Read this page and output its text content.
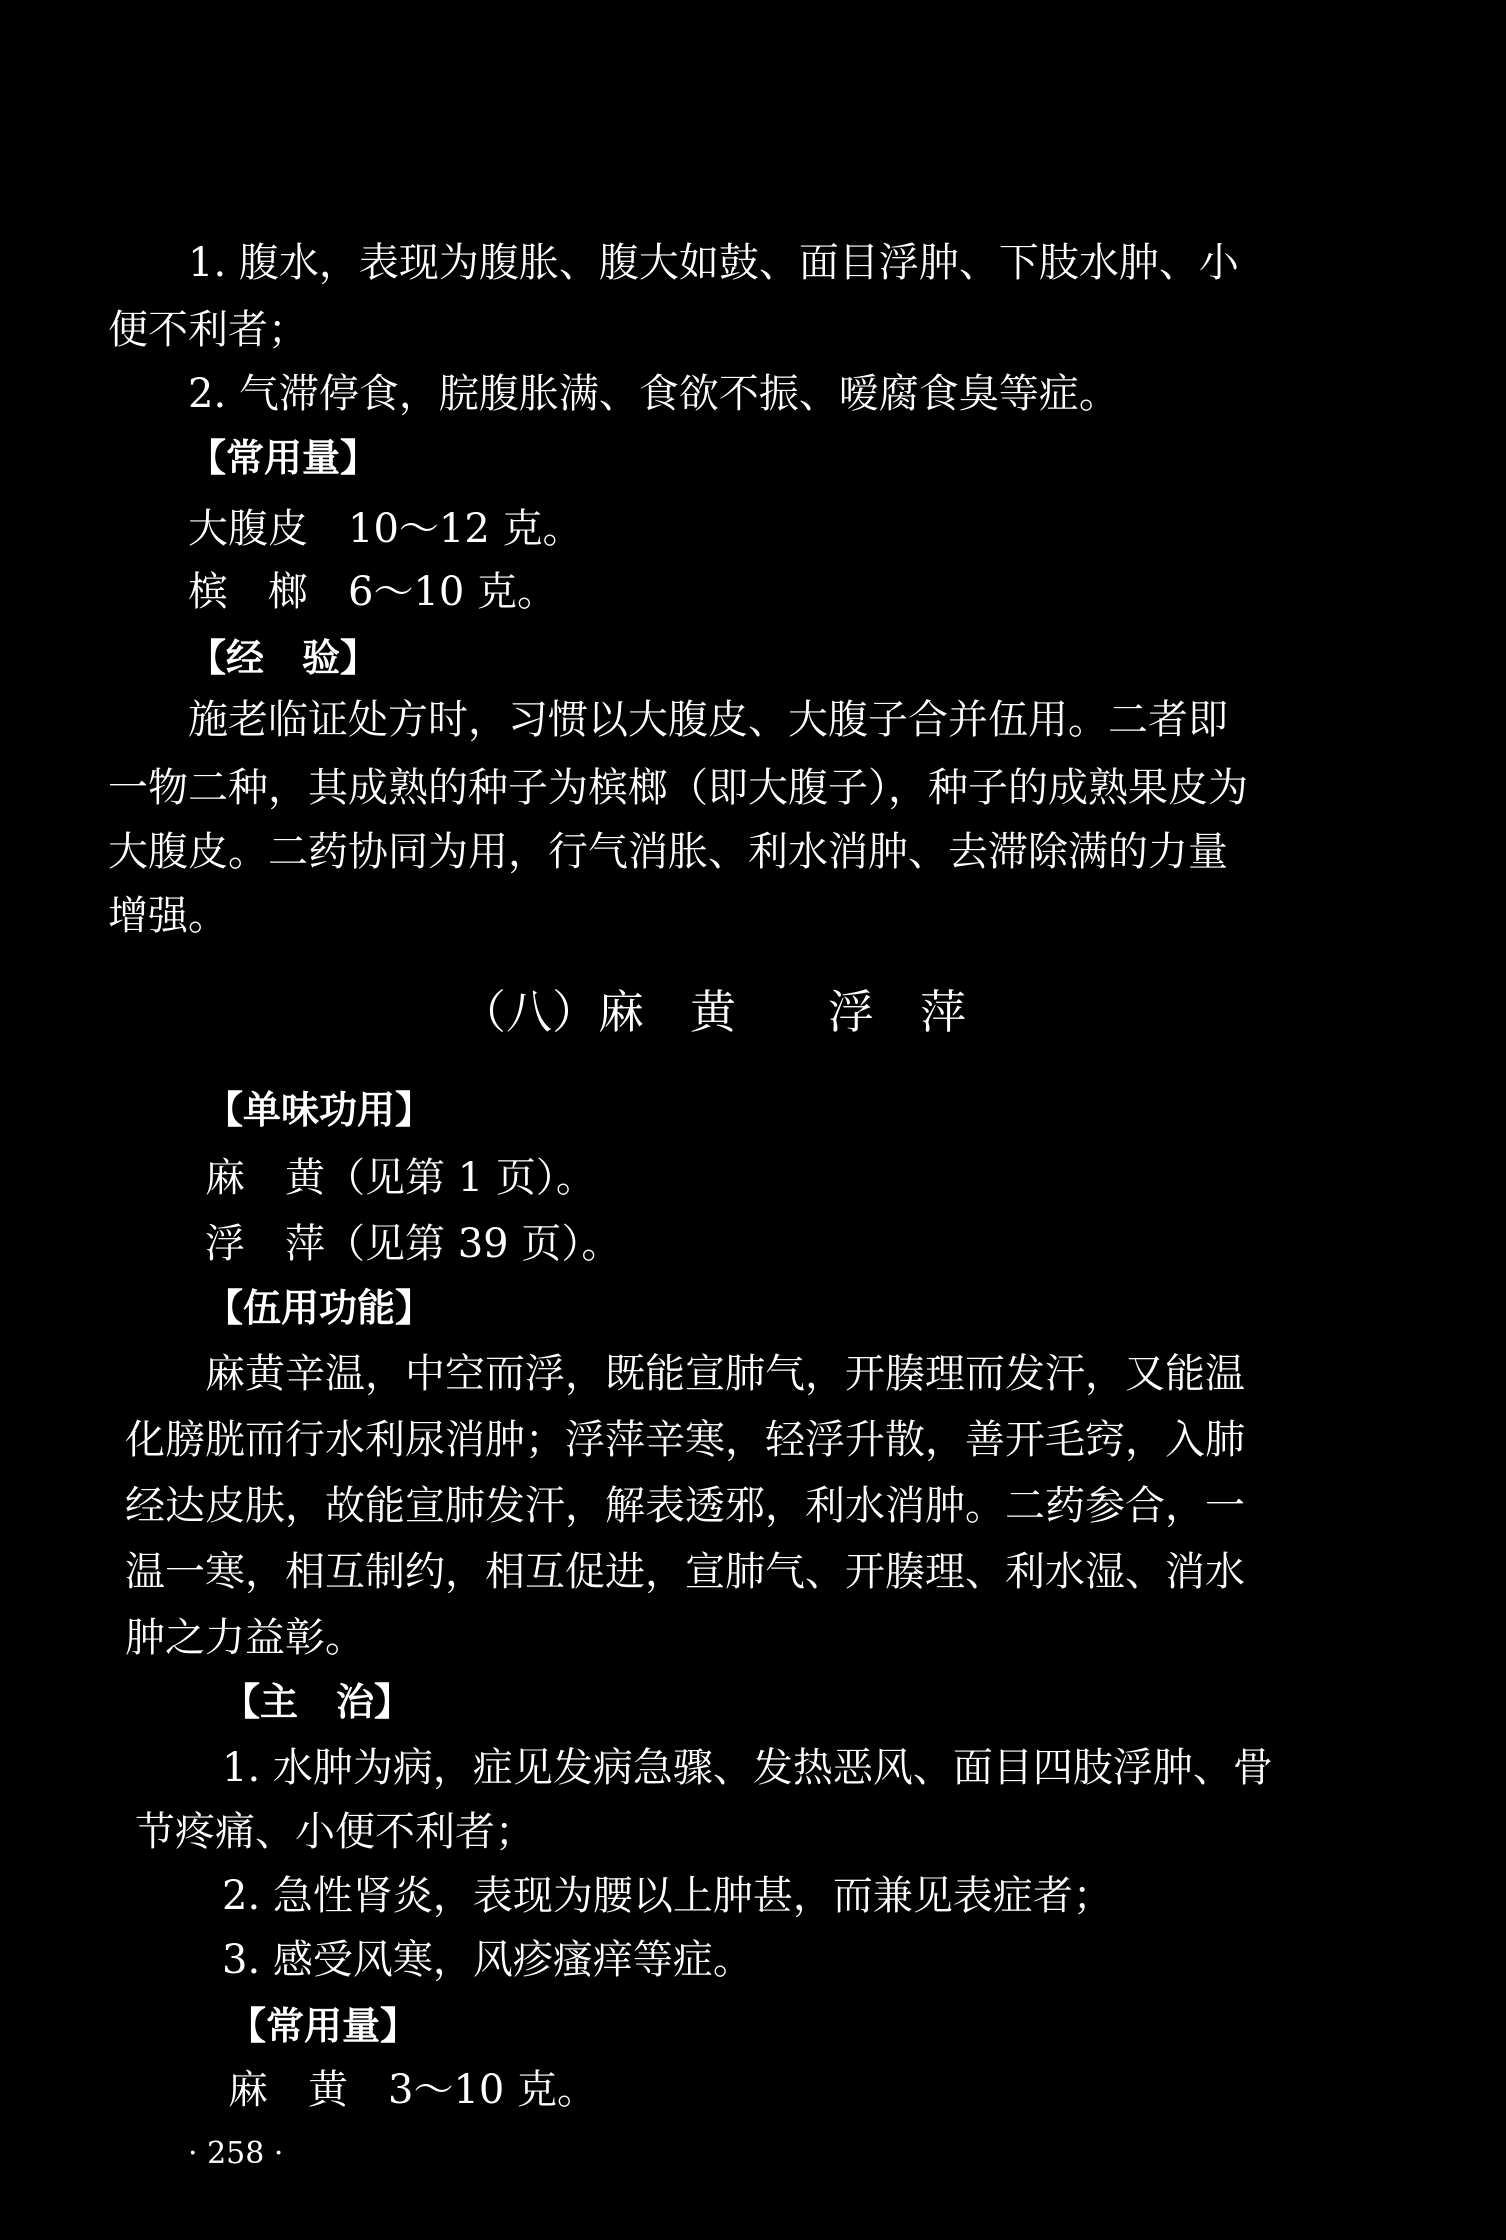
1. 腹水，表现为腹胀、腹大如鼓、面目浮肿、下肢水肿、小
便不利者；
2. 气滞停食，脘腹胀满、食欲不振、嗳腐食臭等症。
【常用量】
大腹皮　10～12 克。
槟　榔　6～10 克。
【经　验】
施老临证处方时，习惯以大腹皮、大腹子合并伍用。二者即
一物二种，其成熟的种子为槟榔（即大腹子），种子的成熟果皮为
大腹皮。二药协同为用，行气消胀、利水消肿、去滞除满的力量
增强。
（八）麻　黄　　浮　萍
【单味功用】
麻　黄（见第 1 页）。
浮　萍（见第 39 页）。
【伍用功能】
麻黄辛温，中空而浮，既能宣肺气，开腠理而发汗，又能温
化膀胱而行水利尿消肿；浮萍辛寒，轻浮升散，善开毛窍，入肺
经达皮肤，故能宣肺发汗，解表透邪，利水消肿。二药参合，一
温一寒，相互制约，相互促进，宣肺气、开腠理、利水湿、消水
肿之力益彰。
【主　治】
1. 水肿为病，症见发病急骤、发热恶风、面目四肢浮肿、骨
节疼痛、小便不利者；
2. 急性肾炎，表现为腰以上肿甚，而兼见表症者；
3. 感受风寒，风疹瘙痒等症。
【常用量】
麻　黄　3～10 克。
· 258 ·
